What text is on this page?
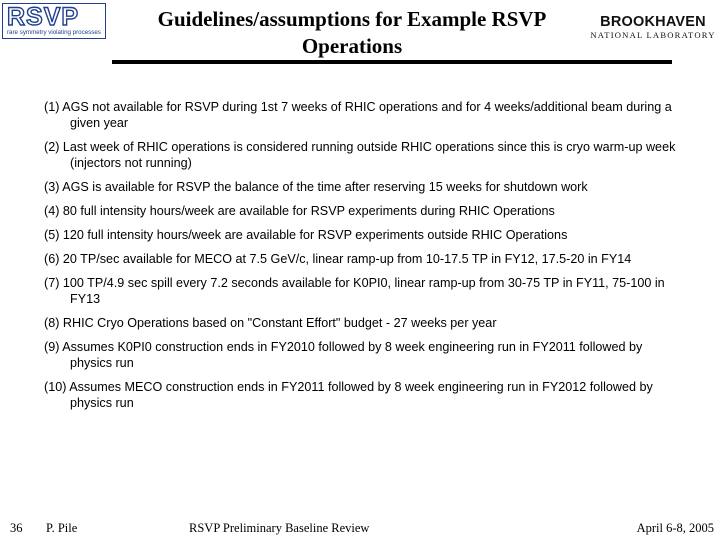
RSVP
rare symmetry violating processes
Guidelines/assumptions for Example RSVP Operations
BROOKHAVEN
NATIONAL LABORATORY
(1) AGS not available for RSVP during 1st 7 weeks of RHIC operations and for 4 weeks/additional beam during a given year
(2) Last week of RHIC operations is considered running outside RHIC operations since this is cryo warm-up week (injectors not running)
(3) AGS is available for RSVP the balance of the time after reserving 15 weeks for shutdown work
(4) 80 full intensity hours/week are available for RSVP experiments during RHIC Operations
(5) 120 full intensity hours/week are available for RSVP experiments outside RHIC Operations
(6) 20 TP/sec available for MECO at 7.5 GeV/c, linear ramp-up from 10-17.5 TP in FY12, 17.5-20 in FY14
(7) 100 TP/4.9 sec spill every 7.2 seconds available for K0PI0, linear ramp-up from 30-75 TP in FY11, 75-100 in FY13
(8) RHIC Cryo Operations based on "Constant Effort" budget - 27 weeks per year
(9) Assumes K0PI0 construction ends in FY2010 followed by 8 week engineering run in FY2011 followed by physics run
(10) Assumes MECO construction ends in FY2011 followed by 8 week engineering run in FY2012 followed by physics run
36 P. Pile	RSVP Preliminary Baseline Review	April 6-8, 2005
